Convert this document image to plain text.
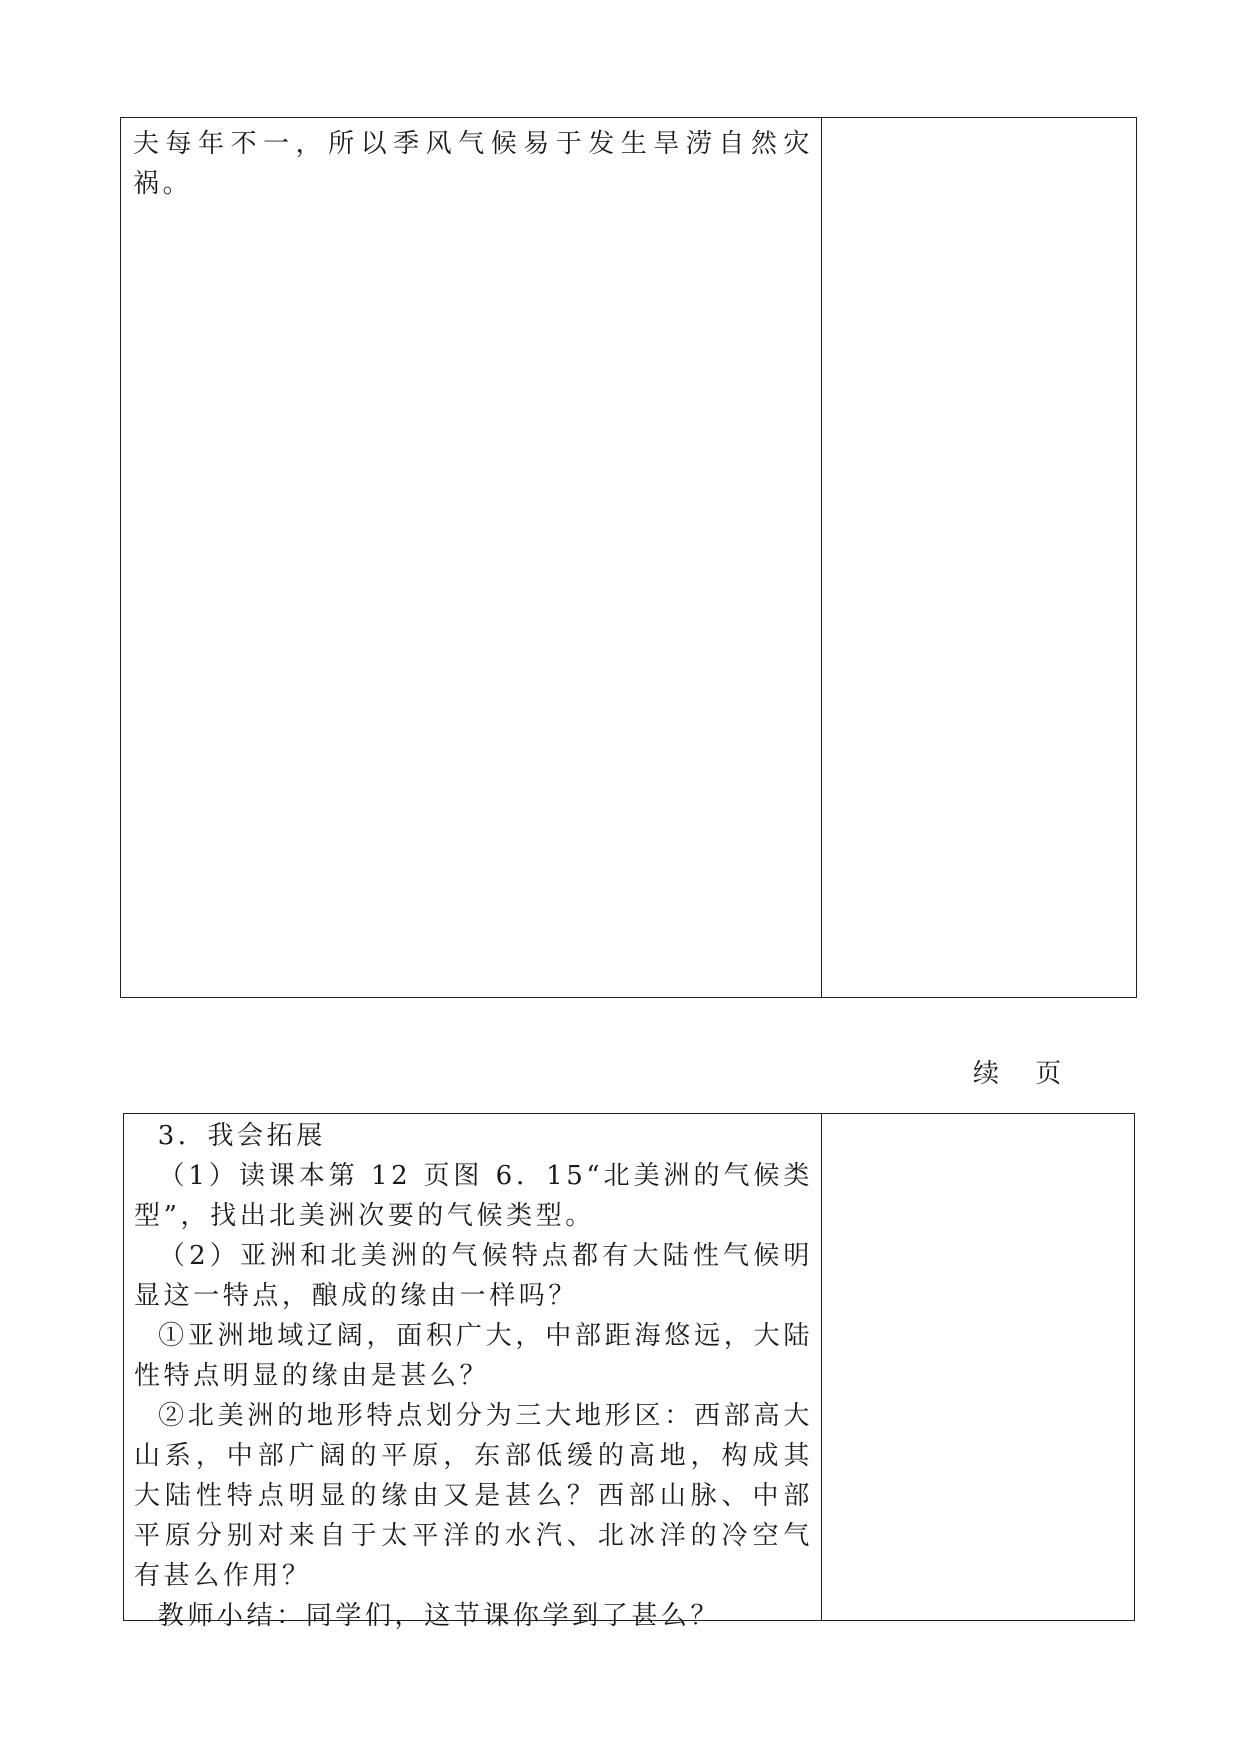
夫每年不一，所以季风气候易于发生旱涝自然灾祸。

续 页

3．我会拓展

（1）读课本第 12 页图 6．15“北美洲的气候类型”，找出北美洲次要的气候类型。

（2）亚洲和北美洲的气候特点都有大陆性气候明显这一特点，酿成的缘由一样吗？

①亚洲地域辽阔，面积广大，中部距海悠远，大陆性特点明显的缘由是甚么？

②北美洲的地形特点划分为三大地形区：西部高大山系，中部广阔的平原，东部低缓的高地，构成其大陆性特点明显的缘由又是甚么？西部山脉、中部平原分别对来自于太平洋的水汽、北冰洋的冷空气有甚么作用？

教师小结：同学们，这节课你学到了甚么？
